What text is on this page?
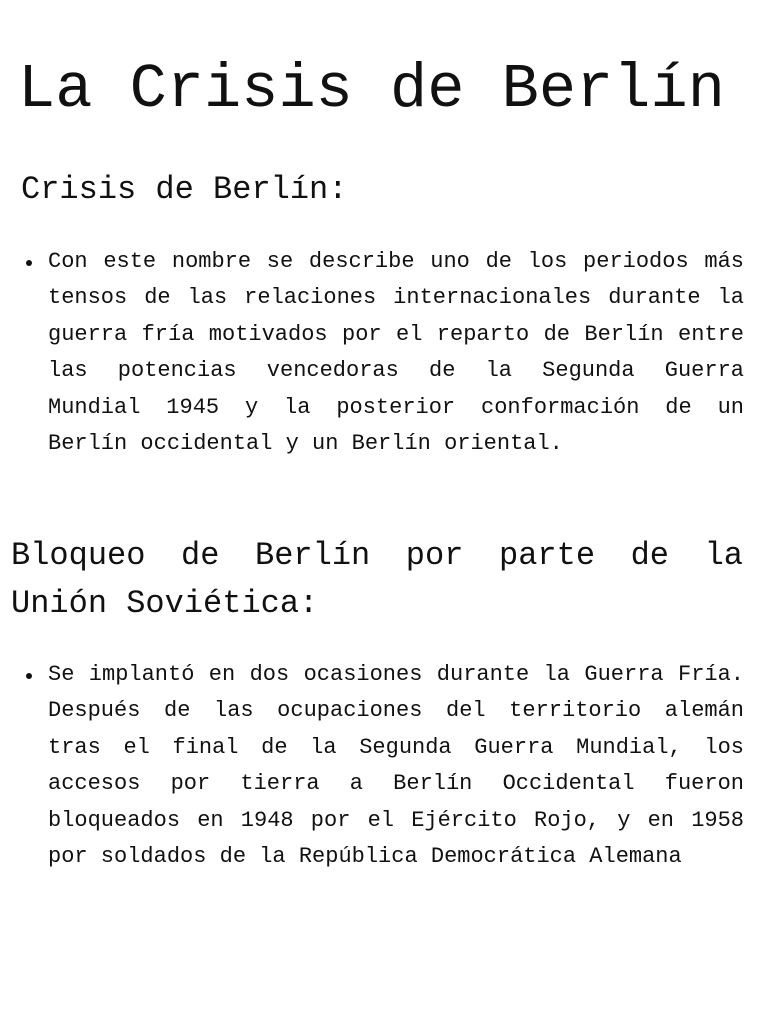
La Crisis de Berlín
Crisis de Berlín:

Con este nombre se describe uno de los periodos más tensos de las relaciones internacionales durante la guerra fría motivados por el reparto de Berlín entre las potencias vencedoras de la Segunda Guerra Mundial 1945 y la posterior conformación de un Berlín occidental y un Berlín oriental.

Bloqueo de Berlín por parte de la
Unión Soviética:

Se implantó en dos ocasiones durante la Guerra Fría. Después de las ocupaciones del territorio alemán tras el final de la Segunda Guerra Mundial, los accesos por tierra a Berlín Occidental fueron bloqueados en 1948 por el Ejército Rojo, y en 1958 por soldados de la República Democrática Alemana
